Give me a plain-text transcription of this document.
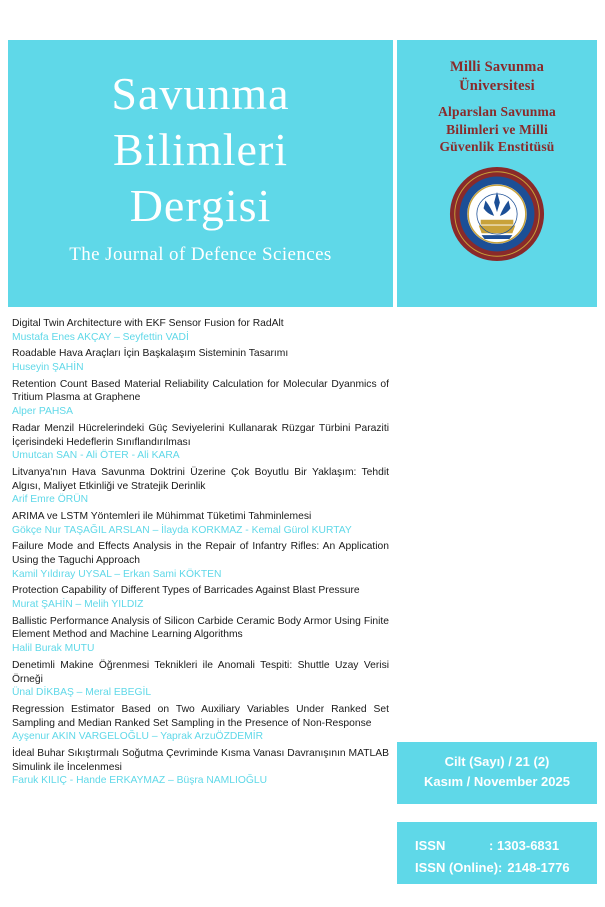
Savunma
Bilimleri
Dergisi
The Journal of Defence Sciences
Milli Savunma
Üniversitesi
Alparslan Savunma
Bilimleri ve Milli
Güvenlik Enstitüsü
Digital Twin Architecture with EKF Sensor Fusion for RadAlt
Mustafa Enes AKÇAY – Seyfettin VADİ
Roadable Hava Araçları İçin Başkalaşım Sisteminin Tasarımı
Huseyin ŞAHİN
Retention Count Based Material Reliability Calculation for Molecular Dyanmics of Tritium Plasma at Graphene
Alper PAHSA
Radar Menzil Hücrelerindeki Güç Seviyelerini Kullanarak Rüzgar Türbini Paraziti İçerisindeki Hedeflerin Sınıflandırılması
Umutcan SAN - Ali ÖTER - Ali KARA
Litvanya'nın Hava Savunma Doktrini Üzerine Çok Boyutlu Bir Yaklaşım: Tehdit Algısı, Maliyet Etkinliği ve Stratejik Derinlik
Arif Emre ÖRÜN
ARIMA ve LSTM Yöntemleri ile Mühimmat Tüketimi Tahminlemesi
Gökçe Nur TAŞAĞIL ARSLAN – İlayda KORKMAZ - Kemal Gürol KURTAY
Failure Mode and Effects Analysis in the Repair of Infantry Rifles: An Application Using the Taguchi Approach
Kamil Yıldıray UYSAL – Erkan Sami KÖKTEN
Protection Capability of Different Types of Barricades Against Blast Pressure
Murat ŞAHİN – Melih YILDIZ
Ballistic Performance Analysis of Silicon Carbide Ceramic Body Armor Using Finite Element Method and Machine Learning Algorithms
Halil Burak MUTU
Denetimli Makine Öğrenmesi Teknikleri ile Anomali Tespiti: Shuttle Uzay Verisi Örneği
Ünal DİKBAŞ – Meral EBEGİL
Regression Estimator Based on Two Auxiliary Variables Under Ranked Set Sampling and Median Ranked Set Sampling in the Presence of Non-Response
Ayşenur AKIN VARGELOĞLU – Yaprak ArzuÖZDEMİR
İdeal Buhar Sıkıştırmalı Soğutma Çevriminde Kısma Vanası Davranışının MATLAB Simulink ile İncelenmesi
Faruk KILIÇ - Hande ERKAYMAZ – Büşra NAMLIOĞLU
Cilt (Sayı) / 21 (2)
Kasım / November 2025
ISSN	: 1303-6831
ISSN (Online): 2148-1776
